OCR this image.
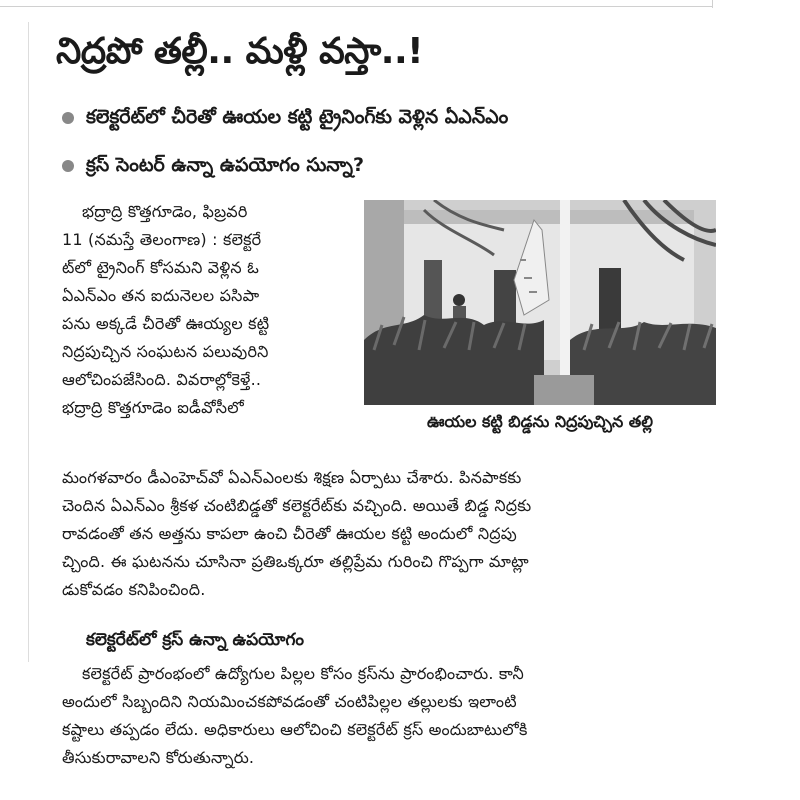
నిద్రపో తల్లీ.. మళ్లీ వస్తా..!
కలెక్టరేట్‌లో చీరెతో ఊయల కట్టి ట్రైనింగ్‌కు వెళ్లిన ఏఎన్‌ఎం
క్రస్ సెంటర్ ఉన్నా ఉపయోగం సున్నా?
భద్రాద్రి కొత్తగూడెం, ఫిబ్రవరి
11 (నమస్తే తెలంగాణ) : కలెక్టరే
ట్‌లో ట్రైనింగ్ కోసమని వెళ్లిన ఓ
ఏఎన్‌ఎం తన ఐదునెలల పసిపా
పను అక్కడే చీరెతో ఊయ్యల కట్టి
నిద్రపుచ్చిన సంఘటన పలువురిని
ఆలోచింపజేసింది. వివరాల్లోకెళ్తే..
భద్రాద్రి కొత్తగూడెం ఐడీవోసీలో
ఊయల కట్టి బిడ్డను నిద్రపుచ్చిన తల్లి
మంగళవారం డీఎంహెచ్‌వో ఏఎన్‌ఎంలకు శిక్షణ ఏర్పాటు చేశారు. పినపాకకు
చెందిన ఏఎన్‌ఎం శ్రీకళ చంటిబిడ్డతో కలెక్టరేట్‌కు వచ్చింది. అయితే బిడ్డ నిద్రకు
రావడంతో తన అత్తను కాపలా ఉంచి చీరెతో ఊయల కట్టి అందులో నిద్రపు
చ్చింది. ఈ ఘటనను చూసినా ప్రతిఒక్కరూ తల్లిప్రేమ గురించి గొప్పగా మాట్లా
డుకోవడం కనిపించింది.
కలెక్టరేట్‌లో క్రస్ ఉన్నా ఉపయోగం
కలెక్టరేట్ ప్రారంభంలో ఉద్యోగుల పిల్లల కోసం క్రస్‌ను ప్రారంభించారు. కానీ
అందులో సిబ్బందిని నియమించకపోవడంతో చంటిపిల్లల తల్లులకు ఇలాంటి
కష్టాలు తప్పడం లేదు. అధికారులు ఆలోచించి కలెక్టరేట్ క్రస్ అందుబాటులోకి
తీసుకురావాలని కోరుతున్నారు.
